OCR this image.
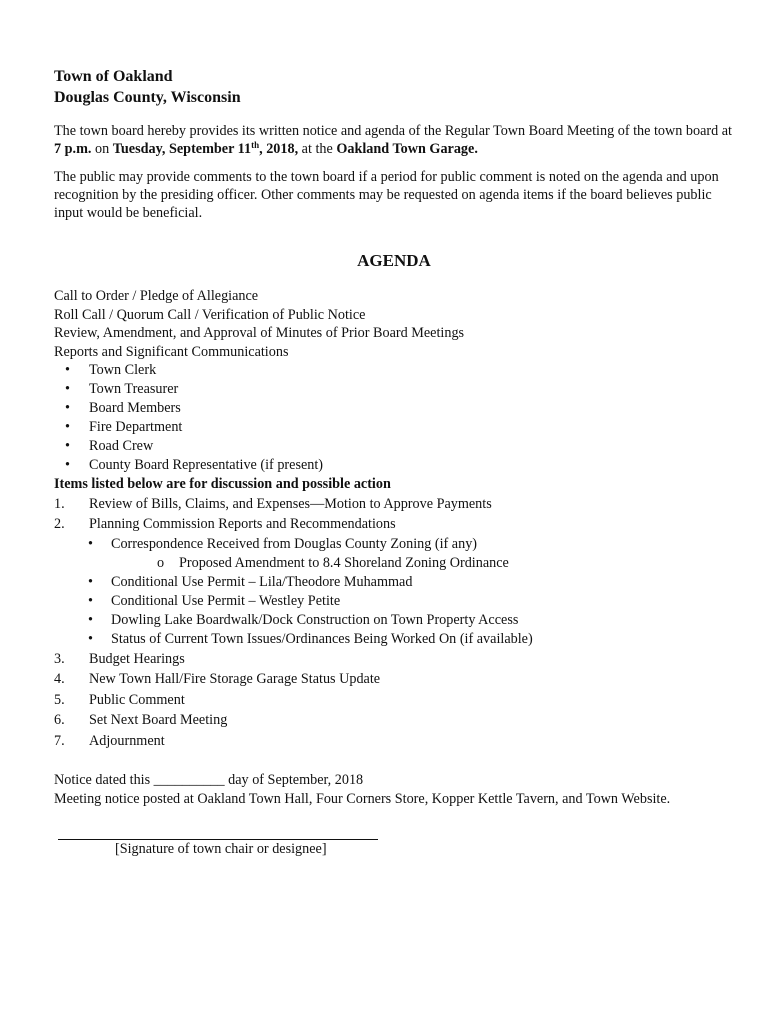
Town of Oakland
Douglas County, Wisconsin

The town board hereby provides its written notice and agenda of the Regular Town Board Meeting of the town board at 7 p.m. on Tuesday, September 11th, 2018, at the Oakland Town Garage.

The public may provide comments to the town board if a period for public comment is noted on the agenda and upon recognition by the presiding officer. Other comments may be requested on agenda items if the board believes public input would be beneficial.

AGENDA
Call to Order / Pledge of Allegiance
Roll Call / Quorum Call / Verification of Public Notice
Review, Amendment, and Approval of Minutes of Prior Board Meetings
Reports and Significant Communications
• Town Clerk
• Town Treasurer
• Board Members
• Fire Department
• Road Crew
• County Board Representative (if present)
Items listed below are for discussion and possible action
1. Review of Bills, Claims, and Expenses—Motion to Approve Payments
2. Planning Commission Reports and Recommendations
• Correspondence Received from Douglas County Zoning (if any)
o Proposed Amendment to 8.4 Shoreland Zoning Ordinance
• Conditional Use Permit – Lila/Theodore Muhammad
• Conditional Use Permit – Westley Petite
• Dowling Lake Boardwalk/Dock Construction on Town Property Access
• Status of Current Town Issues/Ordinances Being Worked On (if available)
3. Budget Hearings
4. New Town Hall/Fire Storage Garage Status Update
5. Public Comment
6. Set Next Board Meeting
7. Adjournment
Notice dated this __________ day of September, 2018
Meeting notice posted at Oakland Town Hall, Four Corners Store, Kopper Kettle Tavern, and Town Website.
[Signature of town chair or designee]
